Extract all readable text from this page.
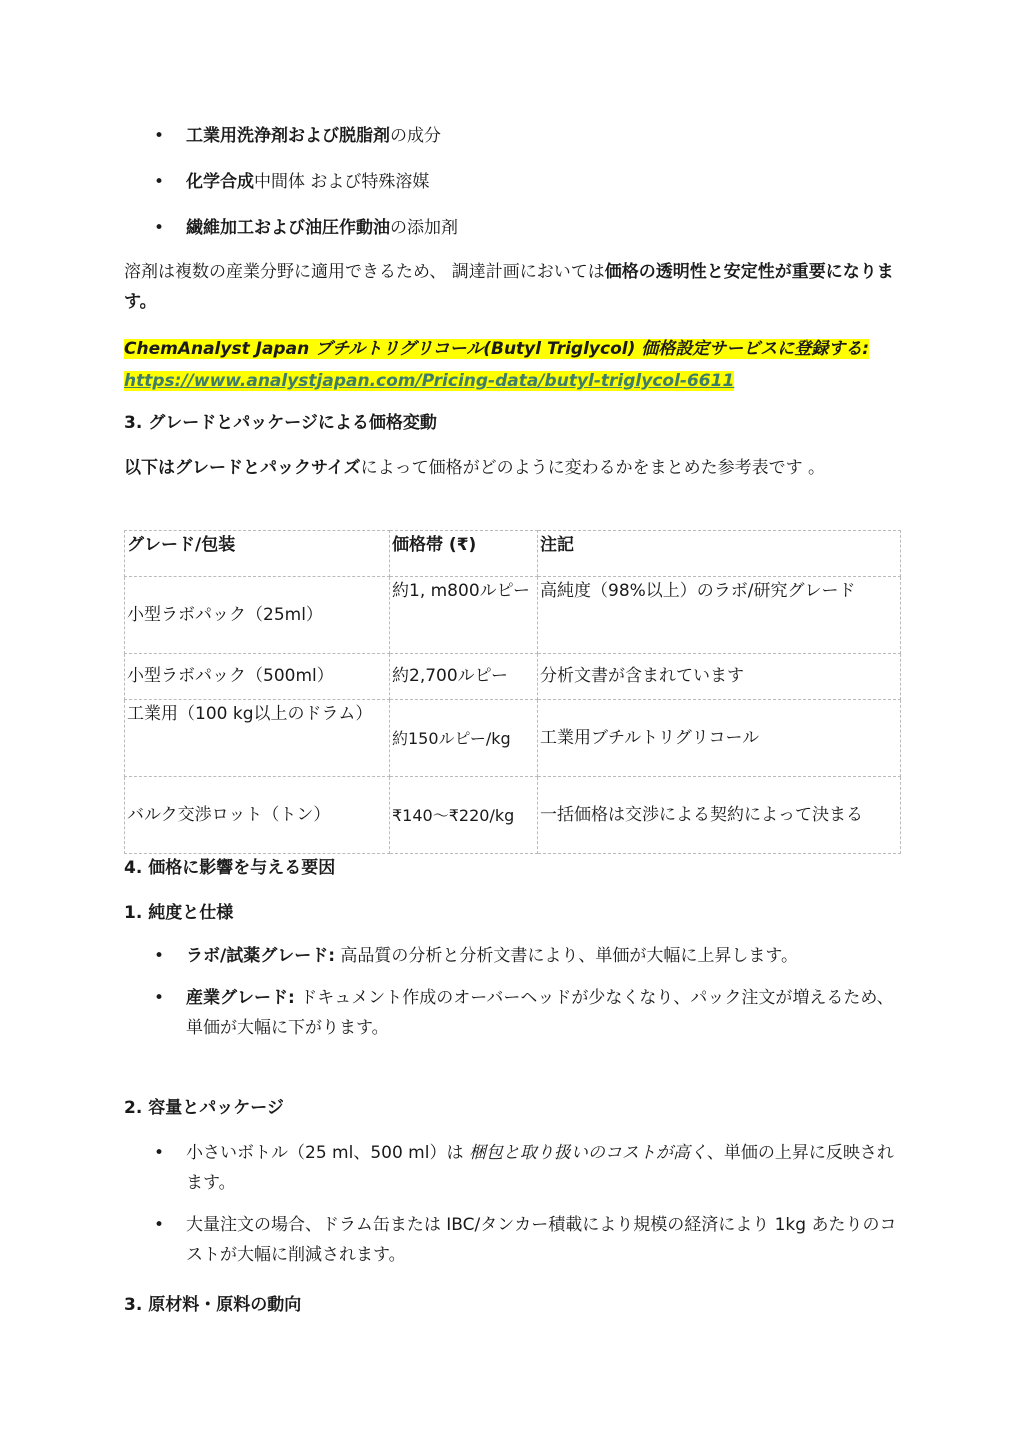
• 工業用洗浄剤および脱脂剤の成分
• 化学合成中間体 および特殊溶媒
• 繊維加工および油圧作動油の添加剤

溶剤は複数の産業分野に適用できるため、 調達計画においては価格の透明性と安定性が重要になります。

ChemAnalyst Japan ブチルトリグリコール(Butyl Triglycol) 価格設定サービスに登録する: https://www.analystjapan.com/Pricing-data/butyl-triglycol-6611
3. グレードとパッケージによる価格変動

以下はグレードとパックサイズによって価格がどのように変わるかをまとめた参考表です 。

グレード/包装	価格帯 (₹)	注記
小型ラボパック（25ml）	約1, m800ルピー	高純度（98%以上）のラボ/研究グレード
小型ラボパック（500ml）	約2,700ルピー	分析文書が含まれています
工業用（100 kg以上のドラム）	約150ルピー/kg	工業用ブチルトリグリコール
バルク交渉ロット（トン）	₹140〜₹220/kg	一括価格は交渉による契約によって決まる
4. 価格に影響を与える要因
1. 純度と仕様
• ラボ/試薬グレード: 高品質の分析と分析文書により、単価が大幅に上昇します。
• 産業グレード: ドキュメント作成のオーバーヘッドが少なくなり、パック注文が増えるため、単価が大幅に下がります。
2. 容量とパッケージ
• 小さいボトル（25 ml、500 ml）は 梱包と取り扱いのコストが高く、単価の上昇に反映されます。
• 大量注文の場合、ドラム缶または IBC/タンカー積載により規模の経済により 1kg あたりのコストが大幅に削減されます。
3. 原材料・原料の動向
